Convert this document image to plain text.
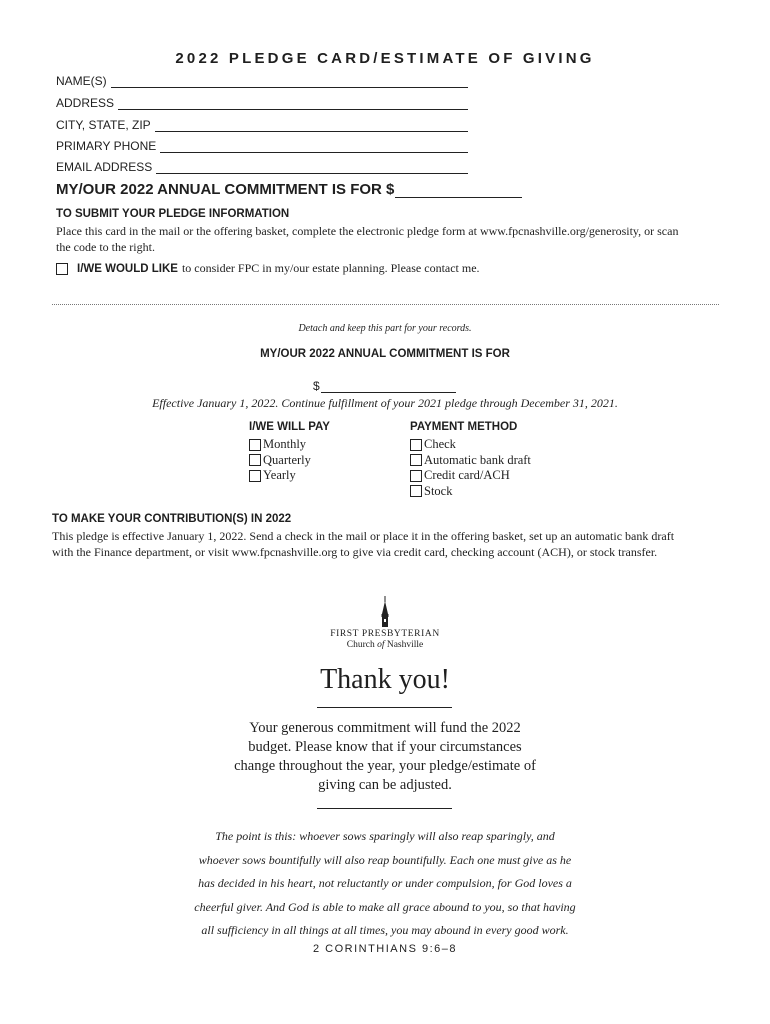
2022 PLEDGE CARD/ESTIMATE OF GIVING
NAME(S)
ADDRESS
CITY, STATE, ZIP
PRIMARY PHONE
EMAIL ADDRESS
MY/OUR 2022 ANNUAL COMMITMENT IS FOR $
TO SUBMIT YOUR PLEDGE INFORMATION
Place this card in the mail or the offering basket, complete the electronic pledge form at www.fpcnashville.org/generosity, or scan
the code to the right.
I/WE WOULD LIKE to consider FPC in my/our estate planning. Please contact me.
Detach and keep this part for your records.
MY/OUR 2022 ANNUAL COMMITMENT IS FOR
$
Effective January 1, 2022. Continue fulfillment of your 2021 pledge through December 31, 2021.
I/WE WILL PAY
Monthly
Quarterly
Yearly
PAYMENT METHOD
Check
Automatic bank draft
Credit card/ACH
Stock
TO MAKE YOUR CONTRIBUTION(S) IN 2022
This pledge is effective January 1, 2022. Send a check in the mail or place it in the offering basket, set up an automatic bank draft
with the Finance department, or visit www.fpcnashville.org to give via credit card, checking account (ACH), or stock transfer.
FIRST PRESBYTERIAN
Church of Nashville
Thank you!
Your generous commitment will fund the 2022
budget. Please know that if your circumstances
change throughout the year, your pledge/estimate of
giving can be adjusted.
The point is this: whoever sows sparingly will also reap sparingly, and
whoever sows bountifully will also reap bountifully. Each one must give as he
has decided in his heart, not reluctantly or under compulsion, for God loves a
cheerful giver. And God is able to make all grace abound to you, so that having
all sufficiency in all things at all times, you may abound in every good work.
2 CORINTHIANS 9:6–8
